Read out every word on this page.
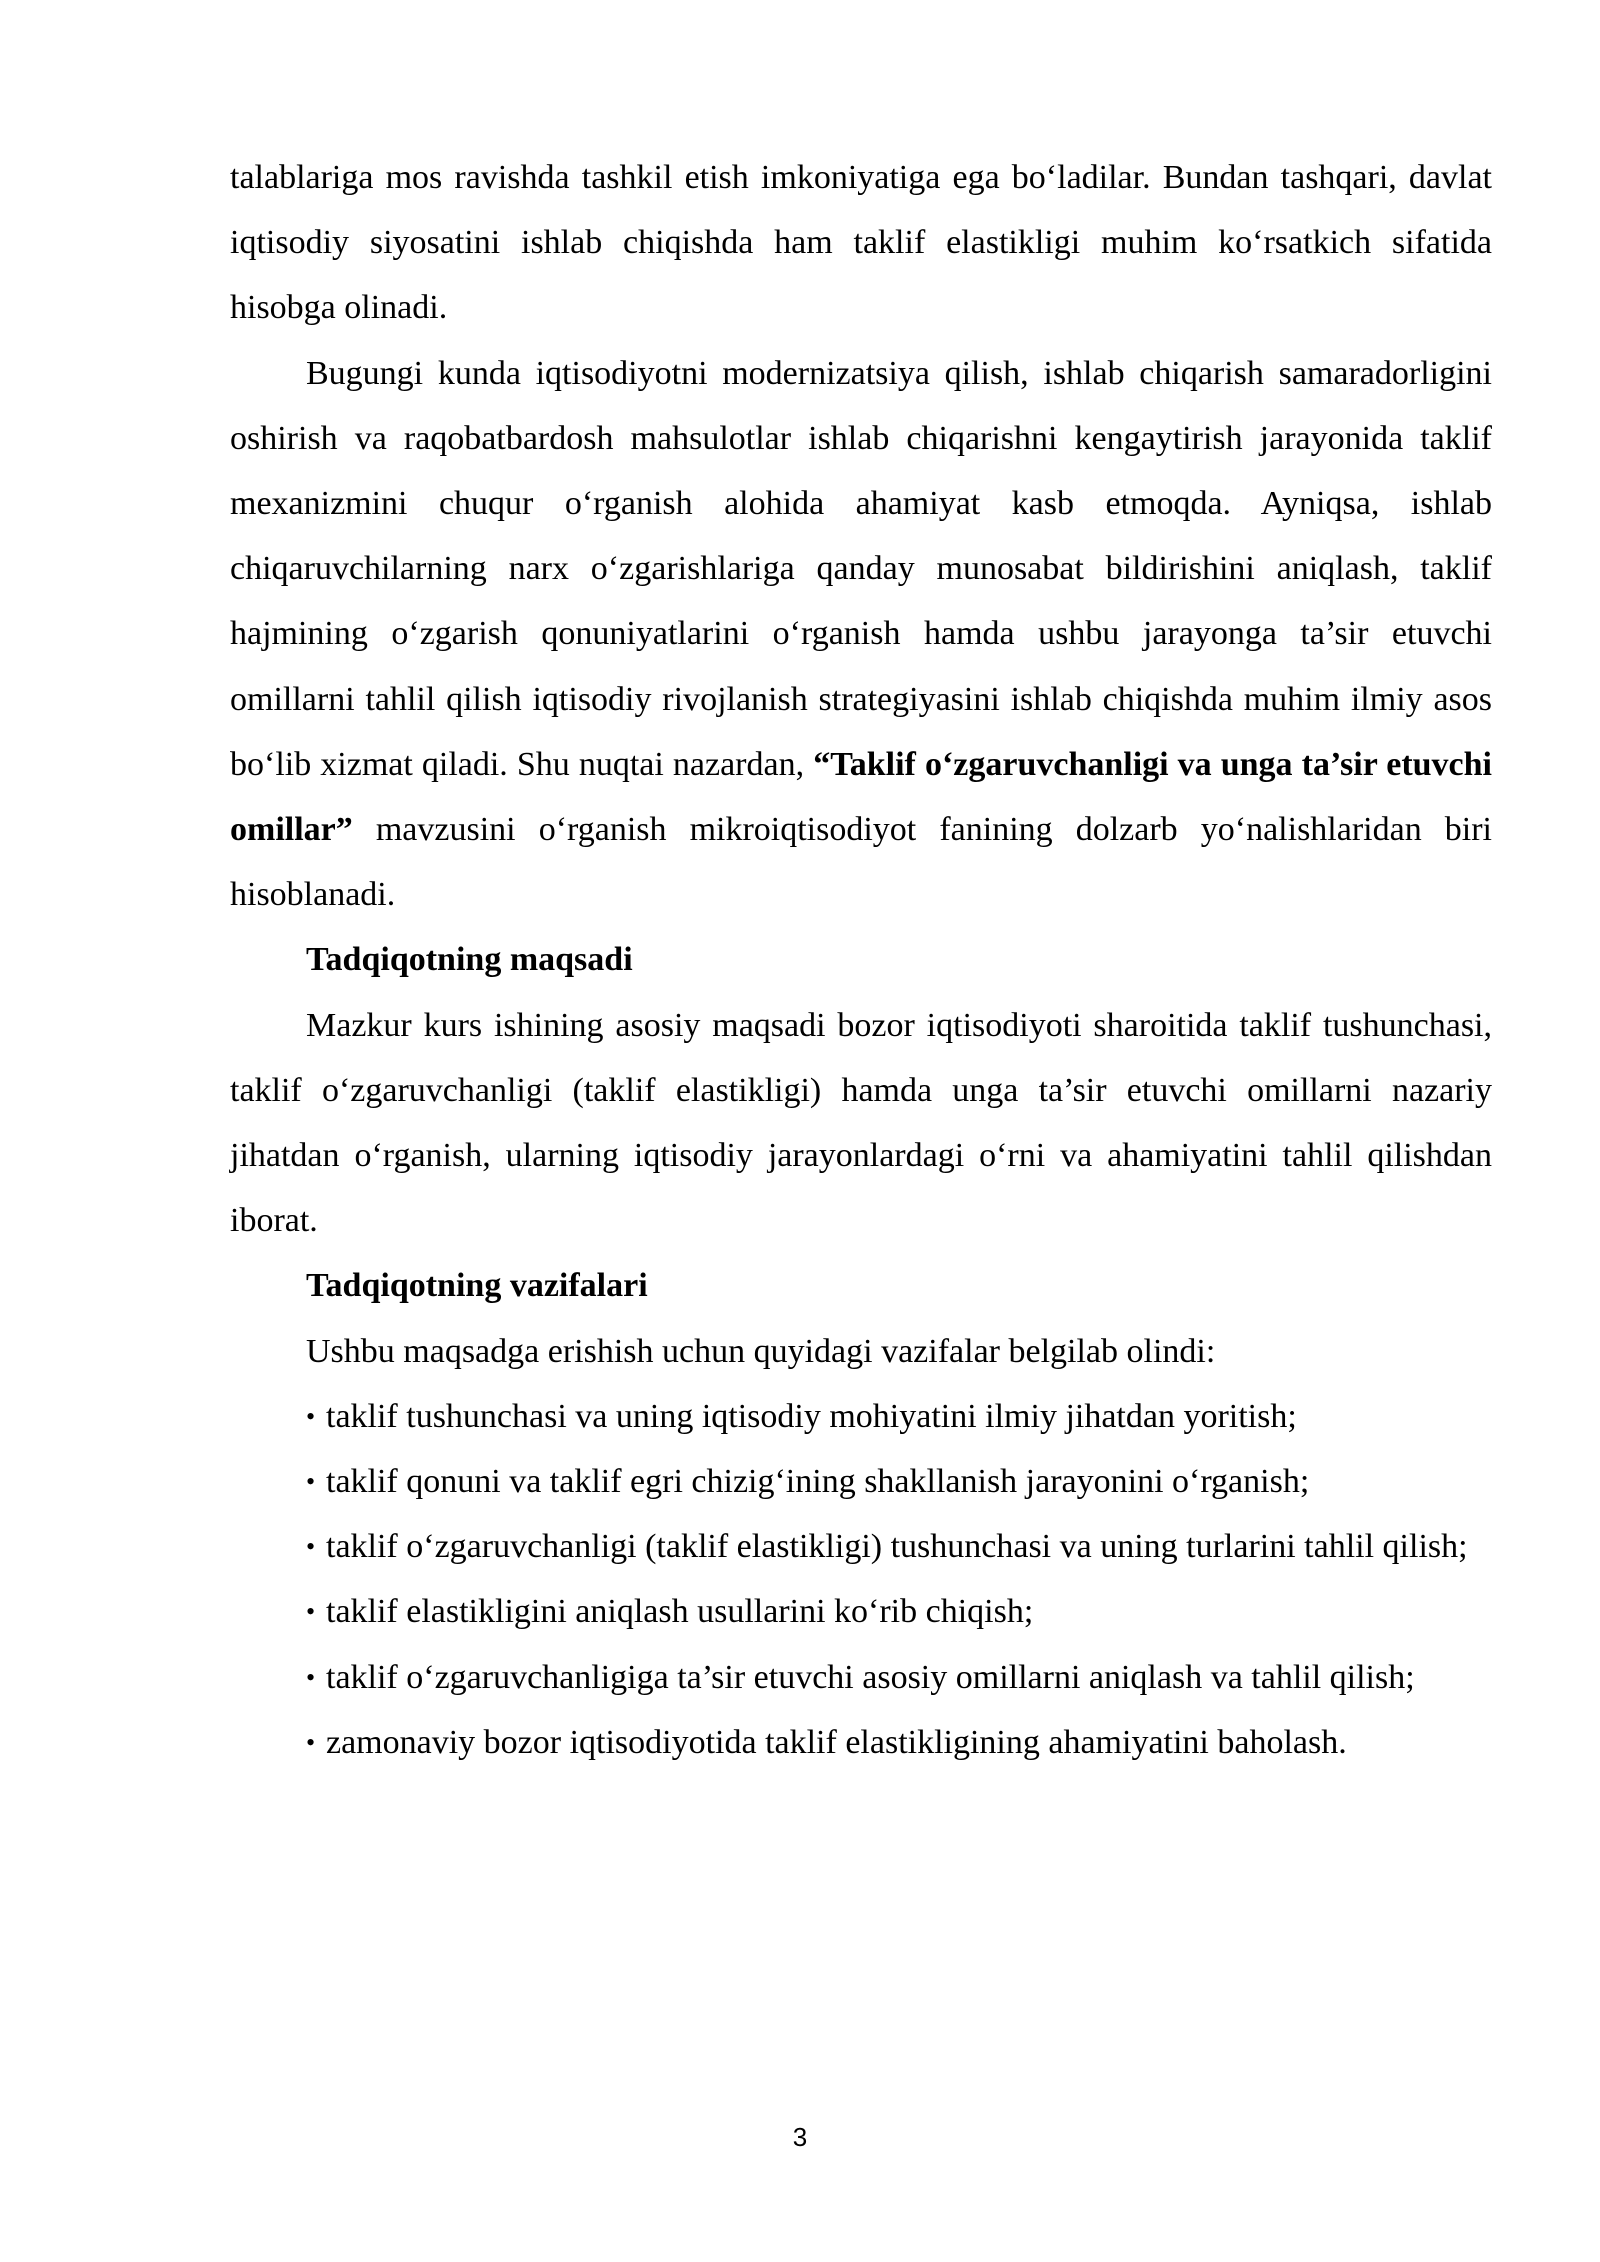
talablariga mos ravishda tashkil etish imkoniyatiga ega bo‘ladilar. Bundan tashqari, davlat iqtisodiy siyosatini ishlab chiqishda ham taklif elastikligi muhim ko‘rsatkich sifatida hisobga olinadi.

Bugungi kunda iqtisodiyotni modernizatsiya qilish, ishlab chiqarish samaradorligini oshirish va raqobatbardosh mahsulotlar ishlab chiqarishni kengaytirish jarayonida taklif mexanizmini chuqur o‘rganish alohida ahamiyat kasb etmoqda. Ayniqsa, ishlab chiqaruvchilarning narx o‘zgarishlariga qanday munosabat bildirishini aniqlash, taklif hajmining o‘zgarish qonuniyatlarini o‘rganish hamda ushbu jarayonga ta’sir etuvchi omillarni tahlil qilish iqtisodiy rivojlanish strategiyasini ishlab chiqishda muhim ilmiy asos bo‘lib xizmat qiladi. Shu nuqtai nazardan, “Taklif o‘zgaruvchanligi va unga ta’sir etuvchi omillar” mavzusini o‘rganish mikroiqtisodiyot fanining dolzarb yo‘nalishlaridan biri hisoblanadi.

Tadqiqotning maqsadi

Mazkur kurs ishining asosiy maqsadi bozor iqtisodiyoti sharoitida taklif tushunchasi, taklif o‘zgaruvchanligi (taklif elastikligi) hamda unga ta’sir etuvchi omillarni nazariy jihatdan o‘rganish, ularning iqtisodiy jarayonlardagi o‘rni va ahamiyatini tahlil qilishdan iborat.

Tadqiqotning vazifalari

Ushbu maqsadga erishish uchun quyidagi vazifalar belgilab olindi:

• taklif tushunchasi va uning iqtisodiy mohiyatini ilmiy jihatdan yoritish;

• taklif qonuni va taklif egri chizig‘ining shakllanish jarayonini o‘rganish;

• taklif o‘zgaruvchanligi (taklif elastikligi) tushunchasi va uning turlarini tahlil qilish;

• taklif elastikligini aniqlash usullarini ko‘rib chiqish;

• taklif o‘zgaruvchanligiga ta’sir etuvchi asosiy omillarni aniqlash va tahlil qilish;

• zamonaviy bozor iqtisodiyotida taklif elastikligining ahamiyatini baholash.

3
